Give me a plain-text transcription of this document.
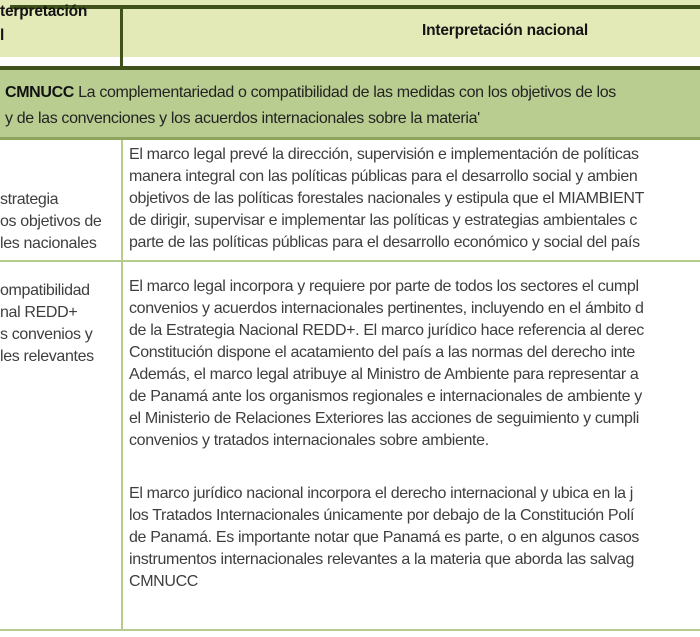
terpretación
l	Interpretación nacional
CMNUCC La complementariedad o compatibilidad de las medidas con los objetivos de los
y de las convenciones y los acuerdos internacionales sobre la materia'
strategia
os objetivos de
les nacionales
El marco legal prevé la dirección, supervisión e implementación de políticas
manera integral con las políticas públicas para el desarrollo social y ambien
objetivos de las políticas forestales nacionales y estipula que el MIAMBIENT
de dirigir, supervisar e implementar las políticas y estrategias ambientales c
parte de las políticas públicas para el desarrollo económico y social del país
ompatibilidad
nal REDD+
s convenios y
les relevantes
El marco legal incorpora y requiere por parte de todos los sectores el cumpl
convenios y acuerdos internacionales pertinentes, incluyendo en el ámbito d
de la Estrategia Nacional REDD+. El marco jurídico hace referencia al derec
Constitución dispone el acatamiento del país a las normas del derecho inte
Además, el marco legal atribuye al Ministro de Ambiente para representar a
de Panamá ante los organismos regionales e internacionales de ambiente y
el Ministerio de Relaciones Exteriores las acciones de seguimiento y cumpli
convenios y tratados internacionales sobre ambiente.
El marco jurídico nacional incorpora el derecho internacional y ubica en la j
los Tratados Internacionales únicamente por debajo de la Constitución Polí
de Panamá. Es importante notar que Panamá es parte, o en algunos casos
instrumentos internacionales relevantes a la materia que aborda las salvag
CMNUCC
